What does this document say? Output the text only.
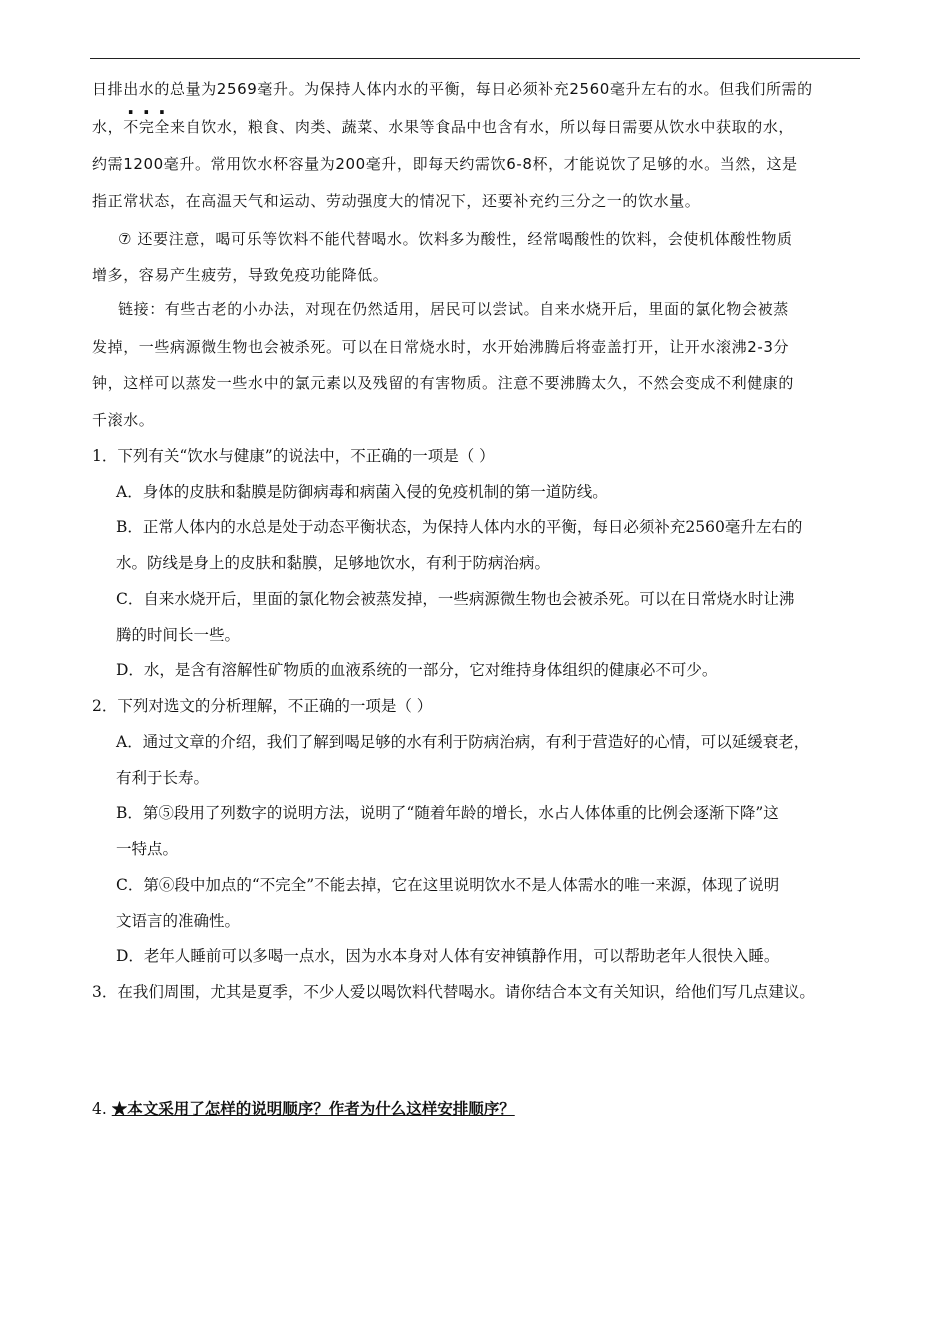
日排出水的总量为2569毫升。为保持人体内水的平衡，每日必须补充2560毫升左右的水。但我们所需的
水，不完全来自饮水，粮食、肉类、蔬菜、水果等食品中也含有水，所以每日需要从饮水中获取的水，
约需1200毫升。常用饮水杯容量为200毫升，即每天约需饮6-8杯，才能说饮了足够的水。当然，这是
指正常状态，在高温天气和运动、劳动强度大的情况下，还要补充约三分之一的饮水量。
⑦ 还要注意，喝可乐等饮料不能代替喝水。饮料多为酸性，经常喝酸性的饮料，会使机体酸性物质
增多，容易产生疲劳，导致免疫功能降低。
链接：有些古老的小办法，对现在仍然适用，居民可以尝试。自来水烧开后，里面的氯化物会被蒸
发掉，一些病源微生物也会被杀死。可以在日常烧水时，水开始沸腾后将壶盖打开，让开水滚沸2-3分
钟，这样可以蒸发一些水中的氯元素以及残留的有害物质。注意不要沸腾太久，不然会变成不利健康的
千滚水。
1．下列有关“饮水与健康”的说法中，不正确的一项是（ ）
A．身体的皮肤和黏膜是防御病毒和病菌入侵的免疫机制的第一道防线。
B．正常人体内的水总是处于动态平衡状态，为保持人体内水的平衡，每日必须补充2560毫升左右的
水。防线是身上的皮肤和黏膜，足够地饮水，有利于防病治病。
C．自来水烧开后，里面的氯化物会被蒸发掉，一些病源微生物也会被杀死。可以在日常烧水时让沸
腾的时间长一些。
D．水，是含有溶解性矿物质的血液系统的一部分，它对维持身体组织的健康必不可少。
2．下列对选文的分析理解，不正确的一项是（ ）
A．通过文章的介绍，我们了解到喝足够的水有利于防病治病，有利于营造好的心情，可以延缓衰老，
有利于长寿。
B．第⑤段用了列数字的说明方法，说明了“随着年龄的增长，水占人体体重的比例会逐渐下降”这
一特点。
C．第⑥段中加点的“不完全”不能去掉，它在这里说明饮水不是人体需水的唯一来源，体现了说明
文语言的准确性。
D．老年人睡前可以多喝一点水，因为水本身对人体有安神镇静作用，可以帮助老年人很快入睡。
3．在我们周围，尤其是夏季，不少人爱以喝饮料代替喝水。请你结合本文有关知识，给他们写几点建议。
4. ★本文采用了怎样的说明顺序？作者为什么这样安排顺序？
